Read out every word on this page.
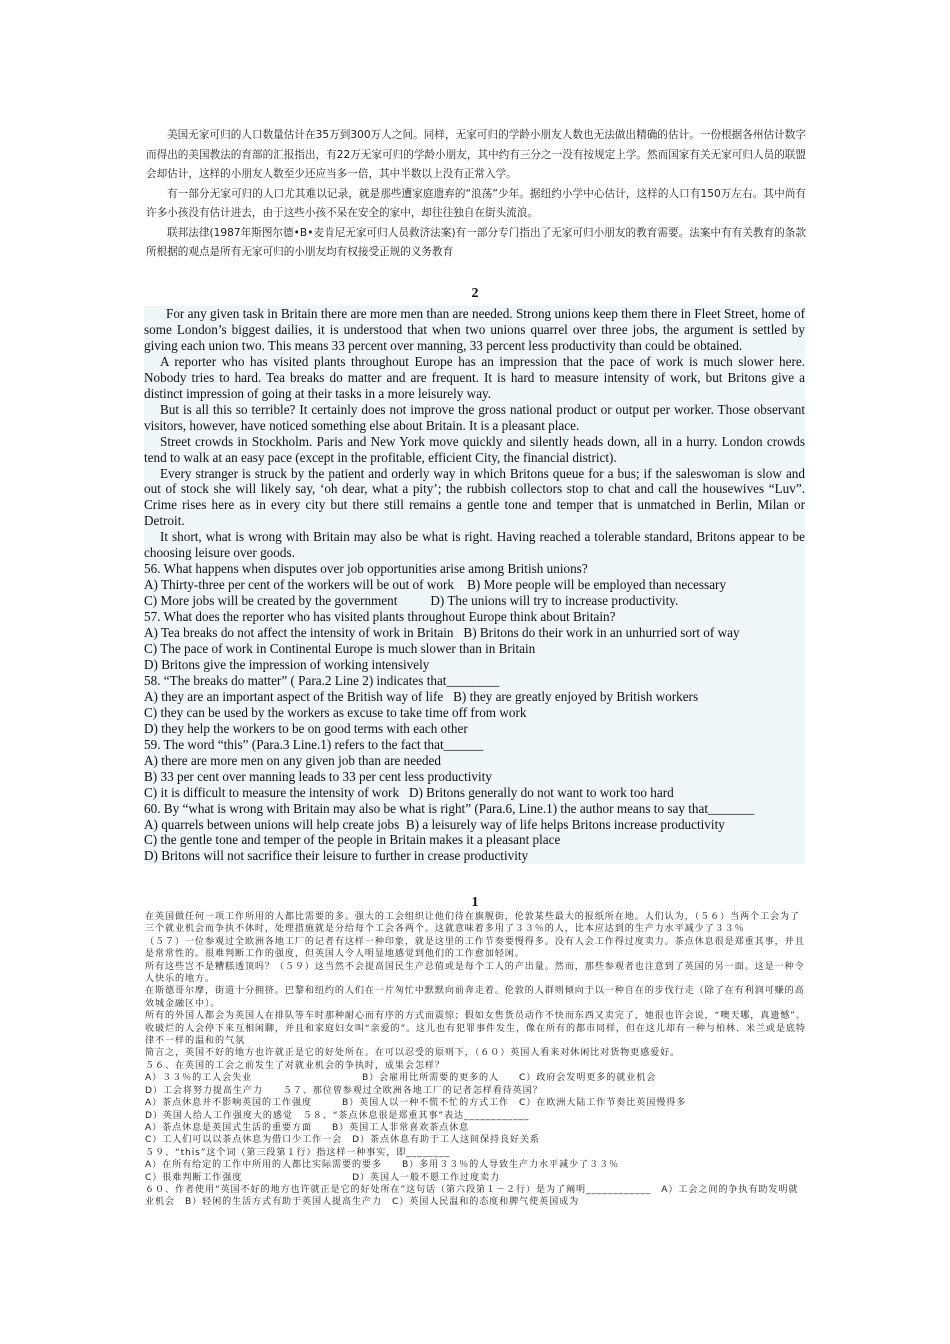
美国无家可归的人口数量估计在35万到300万人之间。同样，无家可归的学龄小朋友人数也无法做出精确的估计。一份根据各州估计数字而得出的美国教法的育部的汇报指出，有22万无家可归的学龄小朋友，其中约有三分之一没有按规定上学。然而国家有关无家可归人员的联盟会却估计，这样的小朋友人数至少还应当多一倍，其中半数以上没有正常入学。

有一部分无家可归的人口尤其难以记录，就是那些遭家庭遗弃的“浪荡”少年。据纽约小学中心估计，这样的人口有150万左右。其中尚有许多小孩没有估计进去，由于这些小孩不呆在安全的家中，却往往独自在街头流浪。

联邦法律(1987年斯图尔德•B•麦肯尼无家可归人员救济法案)有一部分专门指出了无家可归小朋友的教育需要。法案中有有关教育的条款所根据的观点是所有无家可归的小朋友均有权接受正规的义务教育

2

For any given task in Britain there are more men than are needed. Strong unions keep them there in Fleet Street, home of some London’s biggest dailies, it is understood that when two unions quarrel over three jobs, the argument is settled by giving each union two. This means 33 percent over manning, 33 percent less productivity than could be obtained.

A reporter who has visited plants throughout Europe has an impression that the pace of work is much slower here. Nobody tries to hard. Tea breaks do matter and are frequent. It is hard to measure intensity of work, but Britons give a distinct impression of going at their tasks in a more leisurely way.

But is all this so terrible? It certainly does not improve the gross national product or output per worker. Those observant visitors, however, have noticed something else about Britain. It is a pleasant place.

Street crowds in Stockholm. Paris and New York move quickly and silently heads down, all in a hurry. London crowds tend to walk at an easy pace (except in the profitable, efficient City, the financial district).

Every stranger is struck by the patient and orderly way in which Britons queue for a bus; if the saleswoman is slow and out of stock she will likely say, ‘oh dear, what a pity’; the rubbish collectors stop to chat and call the housewives “Luv”. Crime rises here as in every city but there still remains a gentle tone and temper that is unmatched in Berlin, Milan or Detroit.

It short, what is wrong with Britain may also be what is right. Having reached a tolerable standard, Britons appear to be choosing leisure over goods.

56. What happens when disputes over job opportunities arise among British unions?

A) Thirty-three per cent of the workers will be out of work B) More people will be employed than necessary

C) More jobs will be created by the government D) The unions will try to increase productivity.

57. What does the reporter who has visited plants throughout Europe think about Britain?

A) Tea breaks do not affect the intensity of work in Britain B) Britons do their work in an unhurried sort of way

C) The pace of work in Continental Europe is much slower than in Britain

D) Britons give the impression of working intensively

58. “The breaks do matter” ( Para.2 Line 2) indicates that________

A) they are an important aspect of the British way of life B) they are greatly enjoyed by British workers

C) they can be used by the workers as excuse to take time off from work

D) they help the workers to be on good terms with each other

59. The word “this” (Para.3 Line.1) refers to the fact that______

A) there are more men on any given job than are needed

B) 33 per cent over manning leads to 33 per cent less productivity

C) it is difficult to measure the intensity of work D) Britons generally do not want to work too hard

60. By “what is wrong with Britain may also be what is right” (Para.6, Line.1) the author means to say that_______

A) quarrels between unions will help create jobs B) a leisurely way of life helps Britons increase productivity

C) the gentle tone and temper of the people in Britain makes it a pleasant place

D) Britons will not sacrifice their leisure to further in crease productivity

1

在英国做任何一项工作所用的人都比需要的多。强大的工会组织让他们待在旗舰街，伦敦某些最大的报纸所在地。人们认为，（５６）当两个工会为了三个就业机会而争执不休时，处理措施就是分给每个工会各两个。这就意味着多用了３３％的人，比本应达到的生产力水平减少了３３％

（５７）一位参观过全欧洲各地工厂的记者有这样一种印象，就是这里的工作节奏要慢得多。没有人会工作得过度卖力。茶点休息很是郑重其事，并且是常常性的。很难判断工作的强度，但英国人令人明显地感觉到他们的工作愈加轻闲。

所有这些岂不是糟糕透顶吗？（５９）这当然不会提高国民生产总值或是每个工人的产出量。然而，那些参观者也注意到了英国的另一面。这是一种令人快乐的地方。

在斯德哥尔摩，街道十分拥挤。巴黎和纽约的人们在一片匆忙中默默向前奔走着。伦敦的人群则倾向于以一种自在的步伐行走（除了在有利润可赚的高效城金融区中）。

所有的外国人都会为英国人在排队等车时那种耐心而有序的方式而震惊；假如女售货员动作不快而东西又卖完了，她很也许会说，“噢天哪，真遗憾”。收破烂的人会停下来互相闲聊，并且和家庭妇女叫“亲爱的”。这儿也有犯罪事件发生，像在所有的都市同样，但在这儿却有一种与柏林、米兰或是底特律不一样的温和的气氛

简言之，英国不好的地方也许就正是它的好处所在。在可以忍受的原则下，（６０）英国人看来对休闲比对货物更感爱好。

５６、在英国的工会之前发生了对就业机会的争执时，成果会怎样？

A）３３％的工人会失业　　　　　　　　　　　B）会雇用比所需要的更多的人　　C）政府会发明更多的就业机会

D）工会将努力提高生产力　　５７、那位曾参观过全欧洲各地工厂的记者怎样看待英国？

A）茶点休息并不影响英国的工作强度　　　B）英国人以一种不慌不忙的方式工作　C）在欧洲大陆工作节奏比英国慢得多

D）英国人给人工作强度大的感觉　５８、“茶点休息很是郑重其事”表达____________

A）茶点休息是英国式生活的重要方面　　B）英国工人非常喜欢茶点休息

C）工人们可以以茶点休息为借口少工作一会　D）茶点休息有助于工人这间保持良好关系

５９、“this”这个词（第三段第１行）指这样一种事实，即________

A）在所有给定的工作中所用的人都比实际需要的要多　　B）多用３３％的人导致生产力水平减少了３３％

C）很难判断工作强度　　　　　　　　　　　D）英国人一般不愿工作过度卖力

６０、作者使用“英国不好的地方也许就正是它的好处所在”这句话（第六段第１－２行）是为了阐明____________　A）工会之间的争执有助发明就业机会　B）轻闲的生活方式有助于英国人提高生产力　C）英国人民温和的态度和脾气使英国成为
